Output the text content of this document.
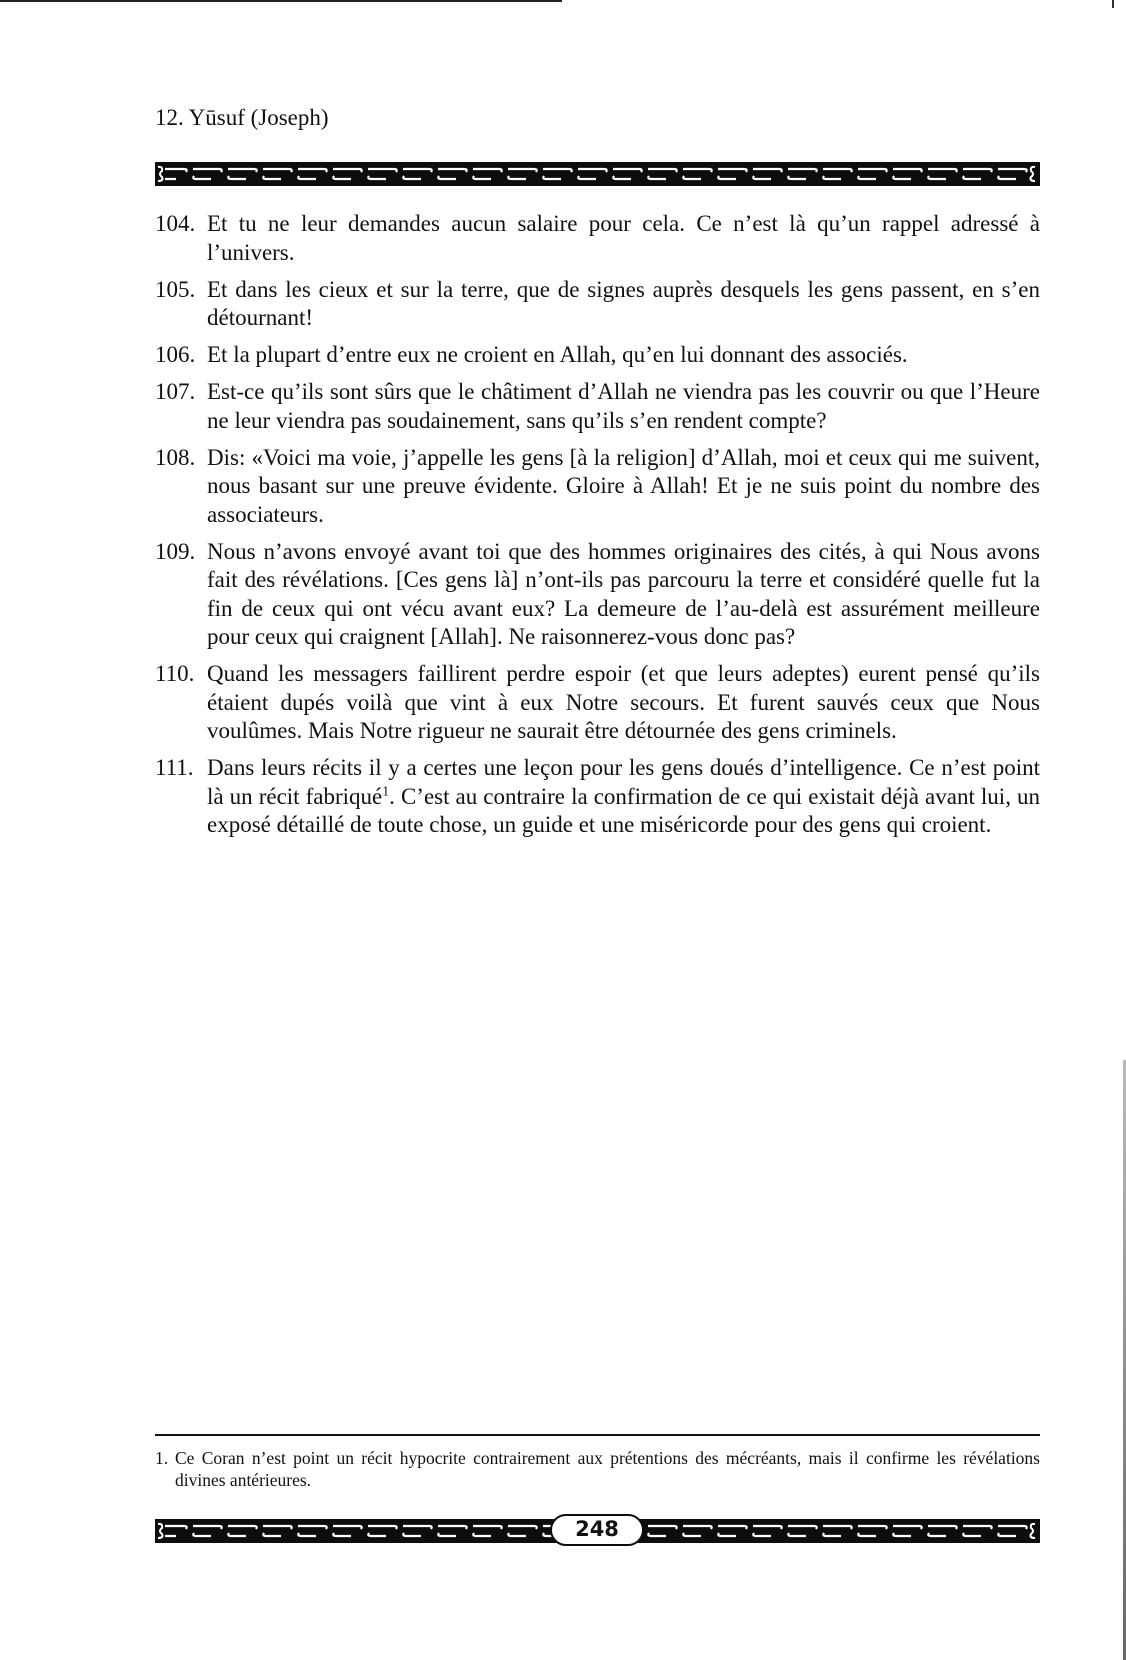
12. Yūsuf (Joseph)
104. Et tu ne leur demandes aucun salaire pour cela. Ce n’est là qu’un rappel adressé à l’univers.
105. Et dans les cieux et sur la terre, que de signes auprès desquels les gens passent, en s’en détournant!
106. Et la plupart d’entre eux ne croient en Allah, qu’en lui donnant des associés.
107. Est-ce qu’ils sont sûrs que le châtiment d’Allah ne viendra pas les couvrir ou que l’Heure ne leur viendra pas soudainement, sans qu’ils s’en rendent compte?
108. Dis: «Voici ma voie, j’appelle les gens [à la religion] d’Allah, moi et ceux qui me suivent, nous basant sur une preuve évidente. Gloire à Allah! Et je ne suis point du nombre des associateurs.
109. Nous n’avons envoyé avant toi que des hommes originaires des cités, à qui Nous avons fait des révélations. [Ces gens là] n’ont-ils pas parcouru la terre et considéré quelle fut la fin de ceux qui ont vécu avant eux? La demeure de l’au-delà est assurément meilleure pour ceux qui craignent [Allah]. Ne raisonnerez-vous donc pas?
110. Quand les messagers faillirent perdre espoir (et que leurs adeptes) eurent pensé qu’ils étaient dupés voilà que vint à eux Notre secours. Et furent sauvés ceux que Nous voulûmes. Mais Notre rigueur ne saurait être détournée des gens criminels.
111. Dans leurs récits il y a certes une leçon pour les gens doués d’intelligence. Ce n’est point là un récit fabriqué$^1$. C’est au contraire la confirmation de ce qui existait déjà avant lui, un exposé détaillé de toute chose, un guide et une miséricorde pour des gens qui croient.
1. Ce Coran n’est point un récit hypocrite contrairement aux prétentions des mécréants, mais il confirme les révélations divines antérieures.
248
